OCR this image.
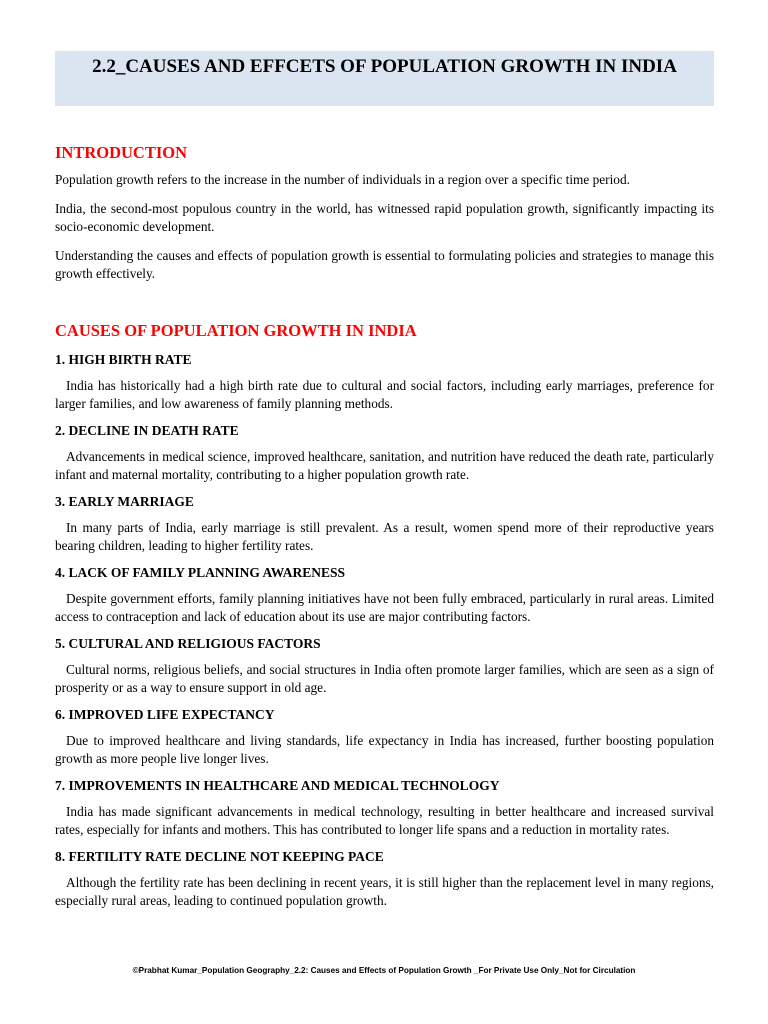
2.2_CAUSES AND EFFCETS OF POPULATION GROWTH IN INDIA
INTRODUCTION

Population growth refers to the increase in the number of individuals in a region over a specific time period.

India, the second-most populous country in the world, has witnessed rapid population growth, significantly impacting its socio-economic development.

Understanding the causes and effects of population growth is essential to formulating policies and strategies to manage this growth effectively.

CAUSES OF POPULATION GROWTH IN INDIA
1. HIGH BIRTH RATE

India has historically had a high birth rate due to cultural and social factors, including early marriages, preference for larger families, and low awareness of family planning methods.

2. DECLINE IN DEATH RATE

Advancements in medical science, improved healthcare, sanitation, and nutrition have reduced the death rate, particularly infant and maternal mortality, contributing to a higher population growth rate.

3. EARLY MARRIAGE

In many parts of India, early marriage is still prevalent. As a result, women spend more of their reproductive years bearing children, leading to higher fertility rates.

4. LACK OF FAMILY PLANNING AWARENESS

Despite government efforts, family planning initiatives have not been fully embraced, particularly in rural areas. Limited access to contraception and lack of education about its use are major contributing factors.

5. CULTURAL AND RELIGIOUS FACTORS

Cultural norms, religious beliefs, and social structures in India often promote larger families, which are seen as a sign of prosperity or as a way to ensure support in old age.

6. IMPROVED LIFE EXPECTANCY

Due to improved healthcare and living standards, life expectancy in India has increased, further boosting population growth as more people live longer lives.

7. IMPROVEMENTS IN HEALTHCARE AND MEDICAL TECHNOLOGY

India has made significant advancements in medical technology, resulting in better healthcare and increased survival rates, especially for infants and mothers. This has contributed to longer life spans and a reduction in mortality rates.

8. FERTILITY RATE DECLINE NOT KEEPING PACE

Although the fertility rate has been declining in recent years, it is still higher than the replacement level in many regions, especially rural areas, leading to continued population growth.

©Prabhat Kumar_Population Geography_2.2: Causes and Effects of Population Growth _For Private Use Only_Not for Circulation
